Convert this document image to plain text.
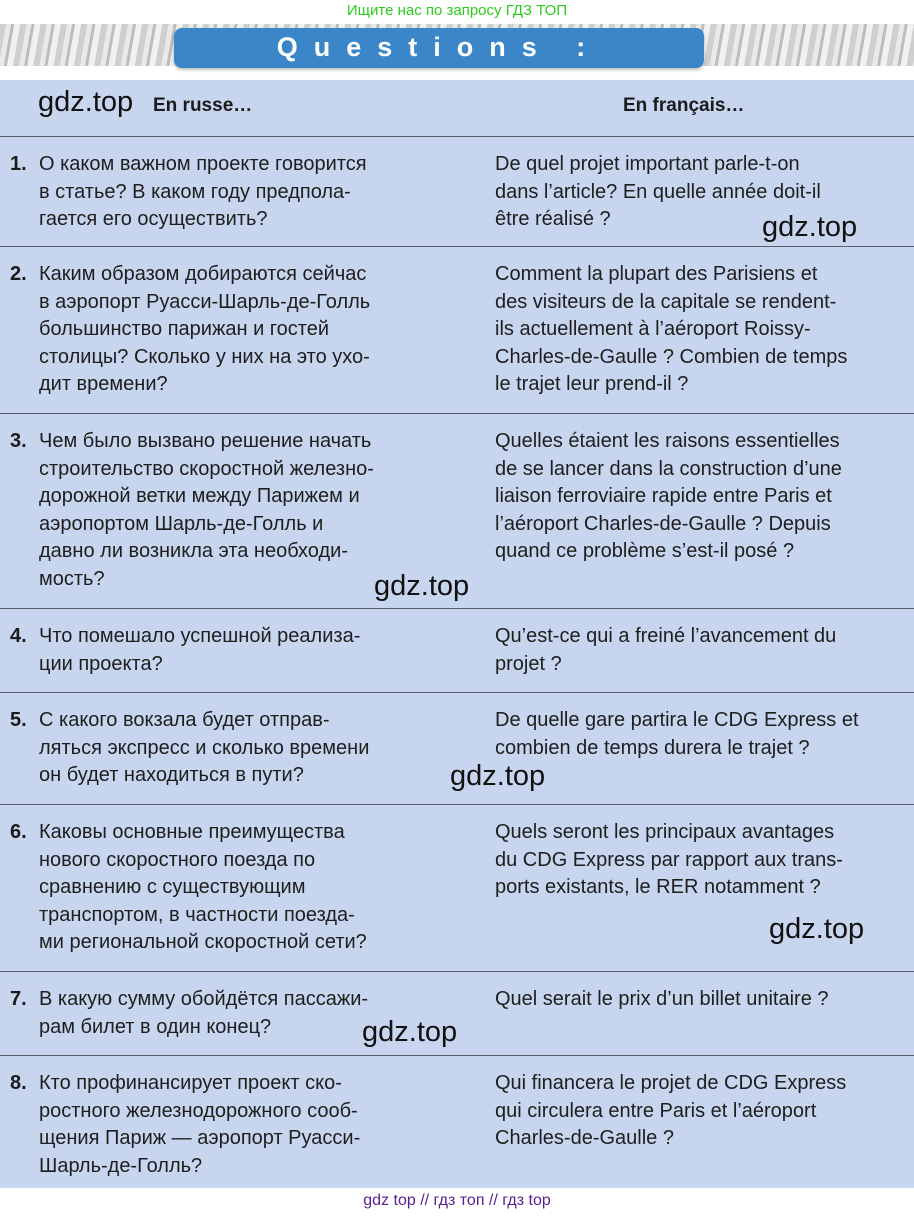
Ищите нас по запросу ГДЗ ТОП
Questions :
gdz.top En russe…	En français…
1. О каком важном проекте говорится
в статье? В каком году предпола-
гается его осуществить?
De quel projet important parle-t-on
dans l’article? En quelle année doit-il
être réalisé ?	gdz.top
2. Каким образом добираются сейчас
в аэропорт Руасси-Шарль-де-Голль
большинство парижан и гостей
столицы? Сколько у них на это ухо-
дит времени?
Comment la plupart des Parisiens et
des visiteurs de la capitale se rendent-
ils actuellement à l’aéroport Roissy-
Charles-de-Gaulle ? Combien de temps
le trajet leur prend-il ?
3. Чем было вызвано решение начать
строительство скоростной железно-
дорожной ветки между Парижем и
аэропортом Шарль-де-Голль и
давно ли возникла эта необходи-
мость?
Quelles étaient les raisons essentielles
de se lancer dans la construction d’une
liaison ferroviaire rapide entre Paris et
l’aéroport Charles-de-Gaulle ? Depuis
quand ce problème s’est-il posé ?
gdz.top
4. Что помешало успешной реализа-
ции проекта?
Qu’est-ce qui a freiné l’avancement du
projet ?
5. С какого вокзала будет отправ-
ляться экспресс и сколько времени
он будет находиться в пути?
De quelle gare partira le CDG Express et
combien de temps durera le trajet ?
gdz.top
6. Каковы основные преимущества
нового скоростного поезда по
сравнению с существующим
транспортом, в частности поезда-
ми региональной скоростной сети?
Quels seront les principaux avantages
du CDG Express par rapport aux trans-
ports existants, le RER notamment ?
gdz.top
7. В какую сумму обойдётся пассажи-
рам билет в один конец?
Quel serait le prix d’un billet unitaire ?
gdz.top
8. Кто профинансирует проект ско-
ростного железнодорожного сооб-
щения Париж — аэропорт Руасси-
Шарль-де-Голль?
Qui financera le projet de CDG Express
qui circulera entre Paris et l’aéroport
Charles-de-Gaulle ?
gdz top // гдз топ // гдз top
